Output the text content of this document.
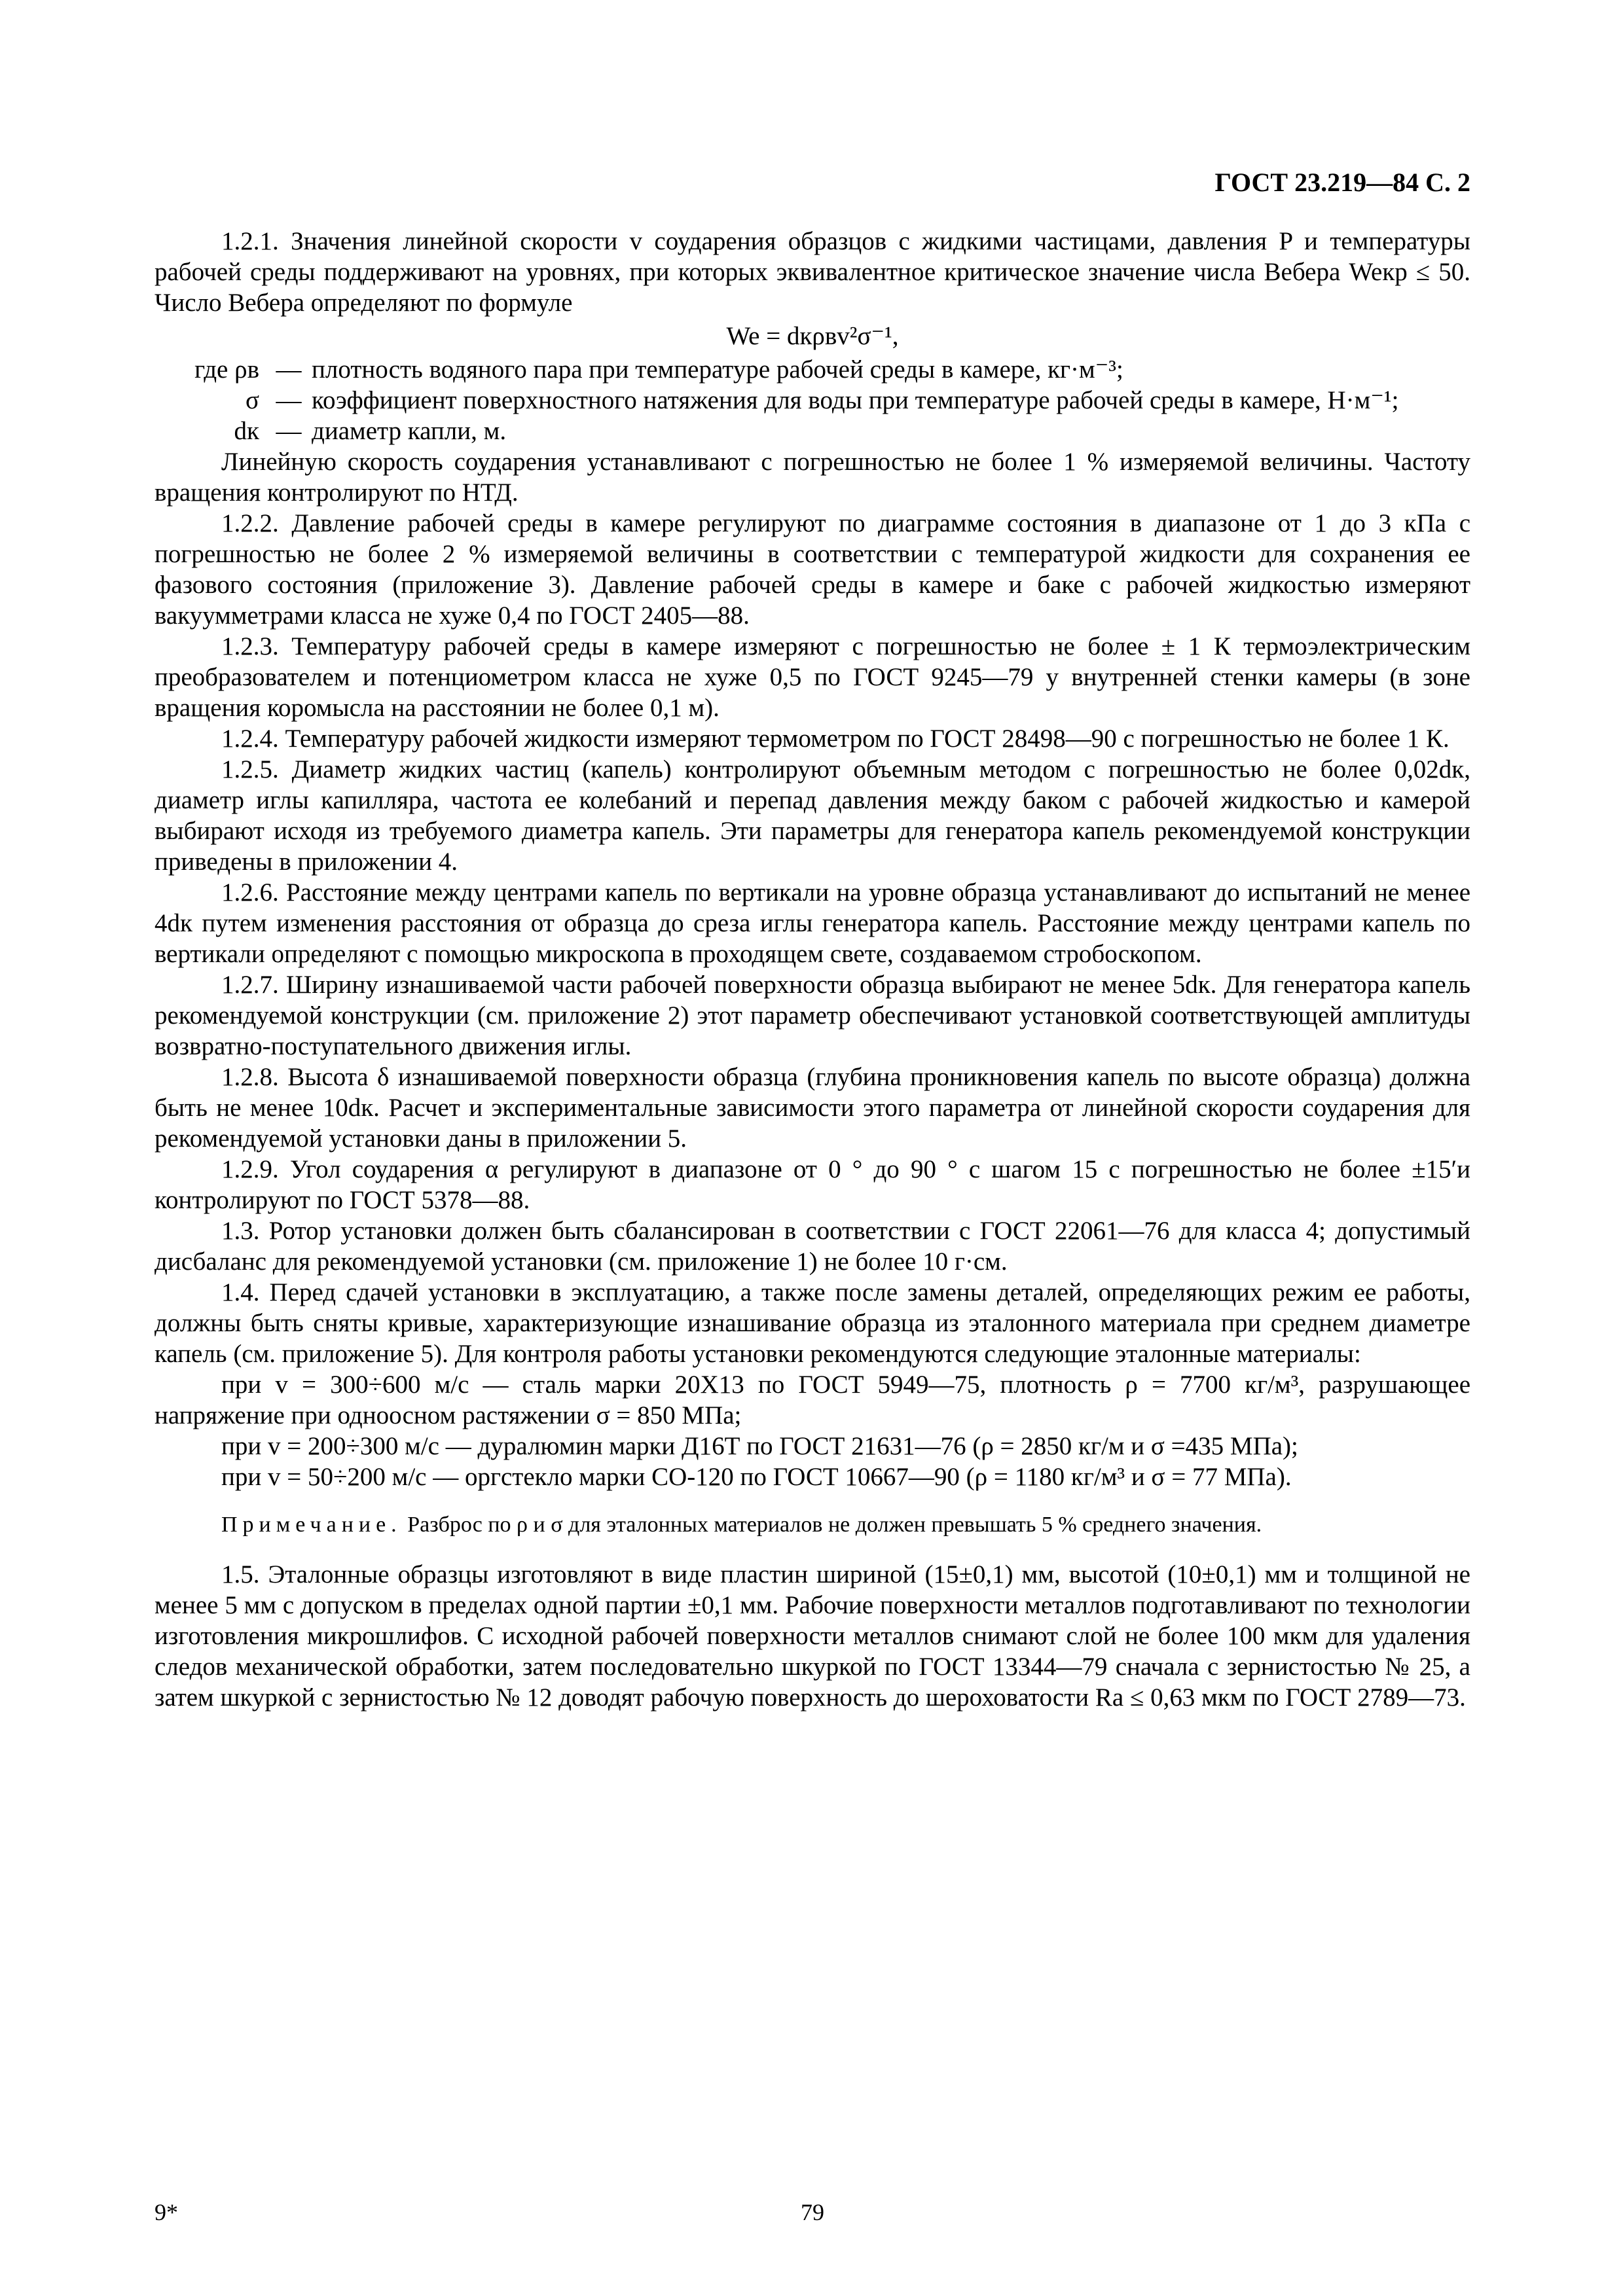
ГОСТ 23.219—84 С. 2

1.2.1. Значения линейной скорости v соударения образцов с жидкими частицами, давления P и температуры рабочей среды поддерживают на уровнях, при которых эквивалентное критическое значение числа Вебера Weкр ≤ 50. Число Вебера определяют по формуле

We = dкρвv²σ⁻¹,

где ρв — плотность водяного пара при температуре рабочей среды в камере, кг·м⁻³;
σ — коэффициент поверхностного натяжения для воды при температуре рабочей среды в камере, Н·м⁻¹;
dк — диаметр капли, м.

Линейную скорость соударения устанавливают с погрешностью не более 1 % измеряемой величины. Частоту вращения контролируют по НТД.

1.2.2. Давление рабочей среды в камере регулируют по диаграмме состояния в диапазоне от 1 до 3 кПа с погрешностью не более 2 % измеряемой величины в соответствии с температурой жидкости для сохранения ее фазового состояния (приложение 3). Давление рабочей среды в камере и баке с рабочей жидкостью измеряют вакуумметрами класса не хуже 0,4 по ГОСТ 2405—88.

1.2.3. Температуру рабочей среды в камере измеряют с погрешностью не более ± 1 К термоэлектрическим преобразователем и потенциометром класса не хуже 0,5 по ГОСТ 9245—79 у внутренней стенки камеры (в зоне вращения коромысла на расстоянии не более 0,1 м).

1.2.4. Температуру рабочей жидкости измеряют термометром по ГОСТ 28498—90 с погрешностью не более 1 К.

1.2.5. Диаметр жидких частиц (капель) контролируют объемным методом с погрешностью не более 0,02dк, диаметр иглы капилляра, частота ее колебаний и перепад давления между баком с рабочей жидкостью и камерой выбирают исходя из требуемого диаметра капель. Эти параметры для генератора капель рекомендуемой конструкции приведены в приложении 4.

1.2.6. Расстояние между центрами капель по вертикали на уровне образца устанавливают до испытаний не менее 4dк путем изменения расстояния от образца до среза иглы генератора капель. Расстояние между центрами капель по вертикали определяют с помощью микроскопа в проходящем свете, создаваемом стробоскопом.

1.2.7. Ширину изнашиваемой части рабочей поверхности образца выбирают не менее 5dк. Для генератора капель рекомендуемой конструкции (см. приложение 2) этот параметр обеспечивают установкой соответствующей амплитуды возвратно-поступательного движения иглы.

1.2.8. Высота δ изнашиваемой поверхности образца (глубина проникновения капель по высоте образца) должна быть не менее 10dк. Расчет и экспериментальные зависимости этого параметра от линейной скорости соударения для рекомендуемой установки даны в приложении 5.

1.2.9. Угол соударения α регулируют в диапазоне от 0 ° до 90 ° с шагом 15 с погрешностью не более ±15′и контролируют по ГОСТ 5378—88.

1.3. Ротор установки должен быть сбалансирован в соответствии с ГОСТ 22061—76 для класса 4; допустимый дисбаланс для рекомендуемой установки (см. приложение 1) не более 10 г·см.

1.4. Перед сдачей установки в эксплуатацию, а также после замены деталей, определяющих режим ее работы, должны быть сняты кривые, характеризующие изнашивание образца из эталонного материала при среднем диаметре капель (см. приложение 5). Для контроля работы установки рекомендуются следующие эталонные материалы:

при v = 300÷600 м/с — сталь марки 20Х13 по ГОСТ 5949—75, плотность ρ = 7700 кг/м³, разрушающее напряжение при одноосном растяжении σ = 850 МПа;

при v = 200÷300 м/с — дуралюмин марки Д16Т по ГОСТ 21631—76 (ρ = 2850 кг/м и σ =435 МПа);

при v = 50÷200 м/с — оргстекло марки СО-120 по ГОСТ 10667—90 (ρ = 1180 кг/м³ и σ = 77 МПа).

Примечание. Разброс по ρ и σ для эталонных материалов не должен превышать 5 % среднего значения.

1.5. Эталонные образцы изготовляют в виде пластин шириной (15±0,1) мм, высотой (10±0,1) мм и толщиной не менее 5 мм с допуском в пределах одной партии ±0,1 мм. Рабочие поверхности металлов подготавливают по технологии изготовления микрошлифов. С исходной рабочей поверхности металлов снимают слой не более 100 мкм для удаления следов механической обработки, затем последовательно шкуркой по ГОСТ 13344—79 сначала с зернистостью № 25, а затем шкуркой с зернистостью № 12 доводят рабочую поверхность до шероховатости Ra ≤ 0,63 мкм по ГОСТ 2789—73.

9*	79
